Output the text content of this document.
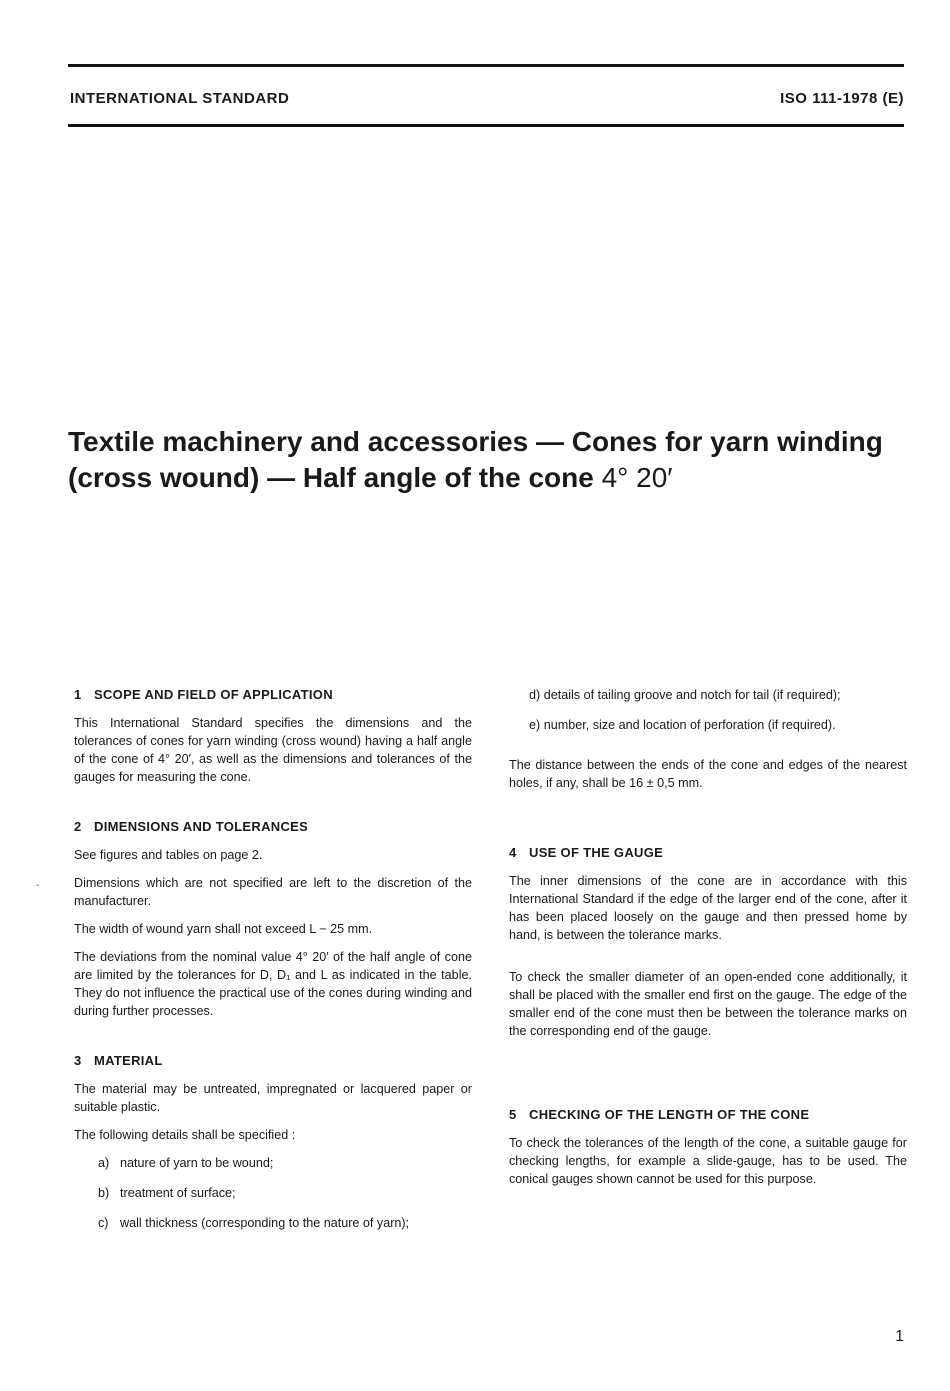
INTERNATIONAL STANDARD	ISO 111-1978 (E)
Textile machinery and accessories — Cones for yarn winding
(cross wound) — Half angle of the cone 4° 20′
-
1 SCOPE AND FIELD OF APPLICATION

This International Standard specifies the dimensions and the tolerances of cones for yarn winding (cross wound) having a half angle of the cone of 4° 20′, as well as the dimensions and tolerances of the gauges for measuring the cone.

2 DIMENSIONS AND TOLERANCES

See figures and tables on page 2.

Dimensions which are not specified are left to the discretion of the manufacturer.

The width of wound yarn shall not exceed L − 25 mm.

The deviations from the nominal value 4° 20′ of the half angle of cone are limited by the tolerances for D, D₁ and L as indicated in the table. They do not influence the practical use of the cones during winding and during further processes.

3 MATERIAL

The material may be untreated, impregnated or lacquered paper or suitable plastic.

The following details shall be specified :

a) nature of yarn to be wound;
b) treatment of surface;
c) wall thickness (corresponding to the nature of yarn);
d) details of tailing groove and notch for tail (if required);
e) number, size and location of perforation (if required).

The distance between the ends of the cone and edges of the nearest holes, if any, shall be 16 ± 0,5 mm.

4 USE OF THE GAUGE

The inner dimensions of the cone are in accordance with this International Standard if the edge of the larger end of the cone, after it has been placed loosely on the gauge and then pressed home by hand, is between the tolerance marks.

To check the smaller diameter of an open-ended cone additionally, it shall be placed with the smaller end first on the gauge. The edge of the smaller end of the cone must then be between the tolerance marks on the corresponding end of the gauge.

5 CHECKING OF THE LENGTH OF THE CONE

To check the tolerances of the length of the cone, a suitable gauge for checking lengths, for example a slide-gauge, has to be used. The conical gauges shown cannot be used for this purpose.

1
